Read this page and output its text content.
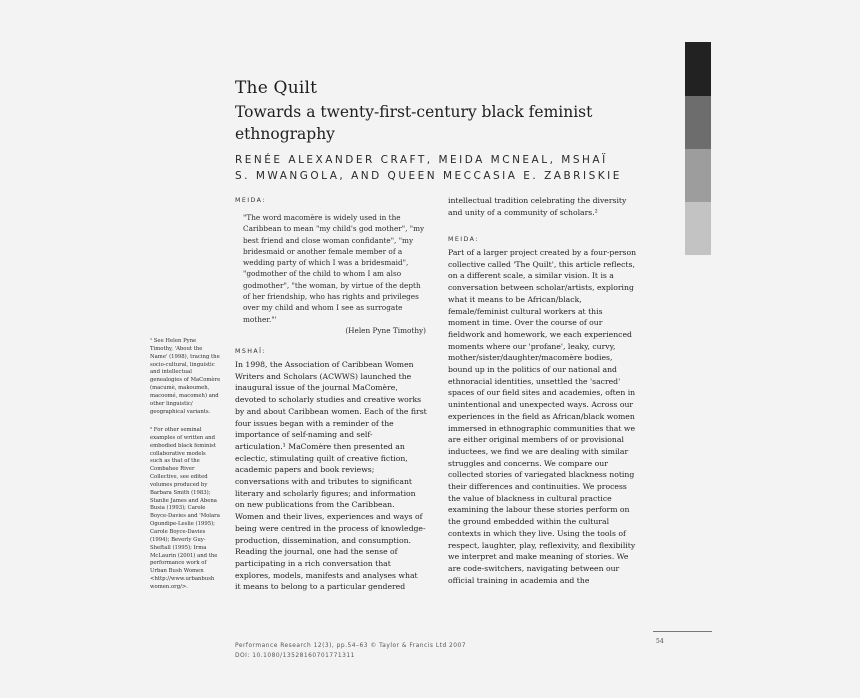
The Quilt
Towards a twenty-first-century black feminist
ethnography
RENÉE ALEXANDER CRAFT, MEIDA MCNEAL, MSHAÏ
S. MWANGOLA, AND QUEEN MECCASIA E. ZABRISKIE
MEIDA:
"The word macomère is widely used in the
Caribbean to mean "my child's god mother", "my
best friend and close woman confidante", "my
bridesmaid or another female member of a
wedding party of which I was a bridesmaid",
"godmother of the child to whom I am also
godmother", "the woman, by virtue of the depth
of her friendship, who has rights and privileges
over my child and whom I see as surrogate
mother."'
(Helen Pyne Timothy)
MSHAÏ:
In 1998, the Association of Caribbean Women
Writers and Scholars (ACWWS) launched the
inaugural issue of the journal MaComère,
devoted to scholarly studies and creative works
by and about Caribbean women. Each of the first
four issues began with a reminder of the
importance of self-naming and self-
articulation.¹ MaComère then presented an
eclectic, stimulating quilt of creative fiction,
academic papers and book reviews;
conversations with and tributes to significant
literary and scholarly figures; and information
on new publications from the Caribbean.
Women and their lives, experiences and ways of
being were centred in the process of knowledge-
production, dissemination, and consumption.
Reading the journal, one had the sense of
participating in a rich conversation that
explores, models, manifests and analyses what
it means to belong to a particular gendered
intellectual tradition celebrating the diversity
and unity of a community of scholars.²
MEIDA:
Part of a larger project created by a four-person
collective called 'The Quilt', this article reflects,
on a different scale, a similar vision. It is a
conversation between scholar/artists, exploring
what it means to be African/black,
female/feminist cultural workers at this
moment in time. Over the course of our
fieldwork and homework, we each experienced
moments where our 'profane', leaky, curvy,
mother/sister/daughter/macomère bodies,
bound up in the politics of our national and
ethnoracial identities, unsettled the 'sacred'
spaces of our field sites and academies, often in
unintentional and unexpected ways. Across our
experiences in the field as African/black women
immersed in ethnographic communities that we
are either original members of or provisional
inductees, we find we are dealing with similar
struggles and concerns. We compare our
collected stories of variegated blackness noting
their differences and continuities. We process
the value of blackness in cultural practice
examining the labour these stories perform on
the ground embedded within the cultural
contexts in which they live. Using the tools of
respect, laughter, play, reflexivity, and flexibility
we interpret and make meaning of stories. We
are code-switchers, navigating between our
official training in academia and the
¹ See Helen Pyne
Timothy, 'About the
Name' (1998), tracing the
socio-cultural, linguistic
and intellectual
genealogies of MaComère
(macumè, makoumeh,
macoomé, macomeh) and
other linguistic/
geographical variants.
² For other seminal
examples of written and
embodied black feminist
collaborative models
such as that of the
Combahee River
Collective, see edited
volumes produced by
Barbara Smith (1983);
Stanlie James and Abena
Busia (1993); Carole
Boyce-Davies and 'Molara
Ogundipe-Leslie (1995);
Carole Boyce-Davies
(1994); Beverly Guy-
Sheftall (1995); Irma
McLaurin (2001) and the
performance work of
Urban Bush Women
<http://www.urbanbush
women.org/>.
Performance Research 12(3), pp.54–63 © Taylor & Francis Ltd 2007
DOI: 10.1080/13528160701771311
54
